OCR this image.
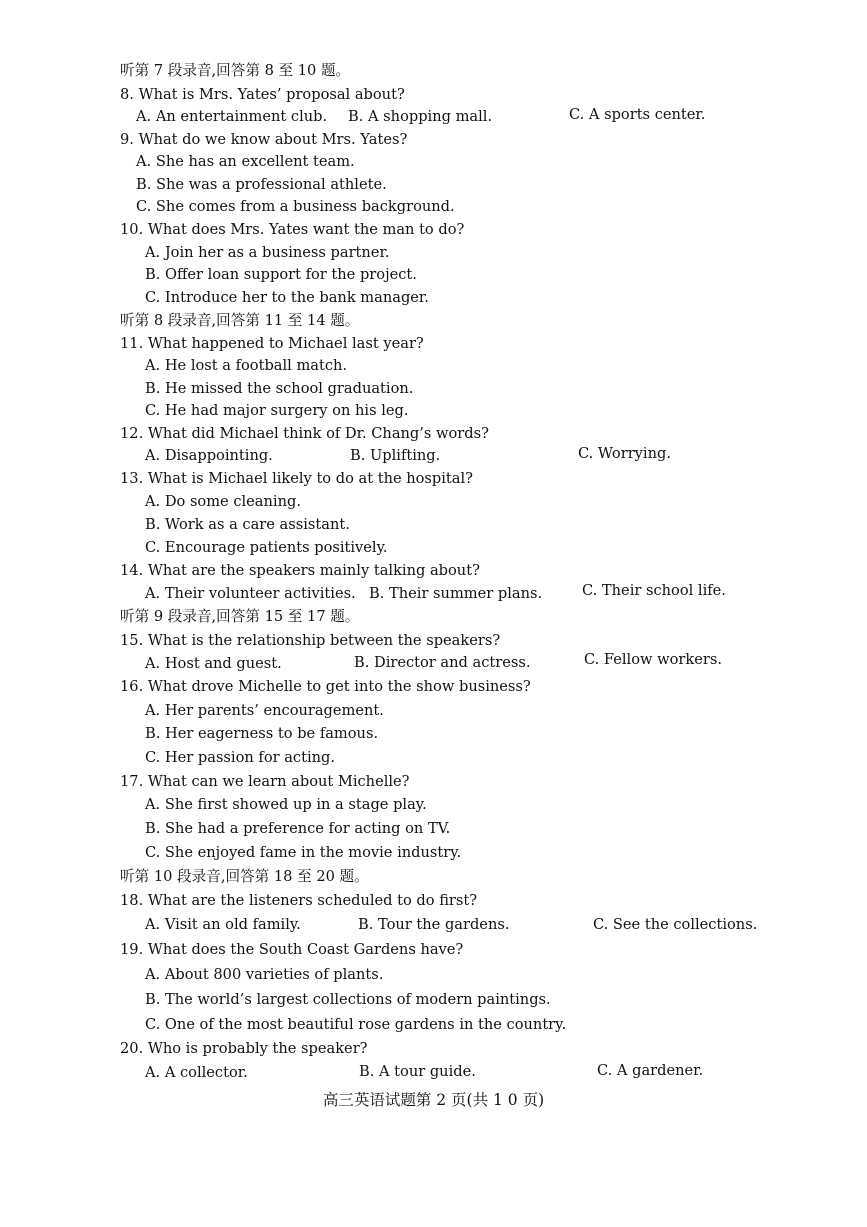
听第 7 段录音,回答第 8 至 10 题。
8. What is Mrs. Yates’ proposal about?
A. An entertainment club. B. A shopping mall.	C. A sports center.
9. What do we know about Mrs. Yates?
A. She has an excellent team.
B. She was a professional athlete.
C. She comes from a business background.
10. What does Mrs. Yates want the man to do?
A. Join her as a business partner.
B. Offer loan support for the project.
C. Introduce her to the bank manager.
听第 8 段录音,回答第 11 至 14 题。
11. What happened to Michael last year?
A. He lost a football match.
B. He missed the school graduation.
C. He had major surgery on his leg.
12. What did Michael think of Dr. Chang’s words?
A. Disappointing.	B. Uplifting.	C. Worrying.
13. What is Michael likely to do at the hospital?
A. Do some cleaning.
B. Work as a care assistant.
C. Encourage patients positively.
14. What are the speakers mainly talking about?
A. Their volunteer activities. B. Their summer plans.	C. Their school life.
听第 9 段录音,回答第 15 至 17 题。
15. What is the relationship between the speakers?
A. Host and guest.	B. Director and actress.	C. Fellow workers.
16. What drove Michelle to get into the show business?
A. Her parents’ encouragement.
B. Her eagerness to be famous.
C. Her passion for acting.
17. What can we learn about Michelle?
A. She first showed up in a stage play.
B. She had a preference for acting on TV.
C. She enjoyed fame in the movie industry.
听第 10 段录音,回答第 18 至 20 题。
18. What are the listeners scheduled to do first?
A. Visit an old family.	B. Tour the gardens.	C. See the collections.
19. What does the South Coast Gardens have?
A. About 800 varieties of plants.
B. The world’s largest collections of modern paintings.
C. One of the most beautiful rose gardens in the country.
20. Who is probably the speaker?
A. A collector.	B. A tour guide.	C. A gardener.
高三英语试题第 2 页(共 1 0 页)
